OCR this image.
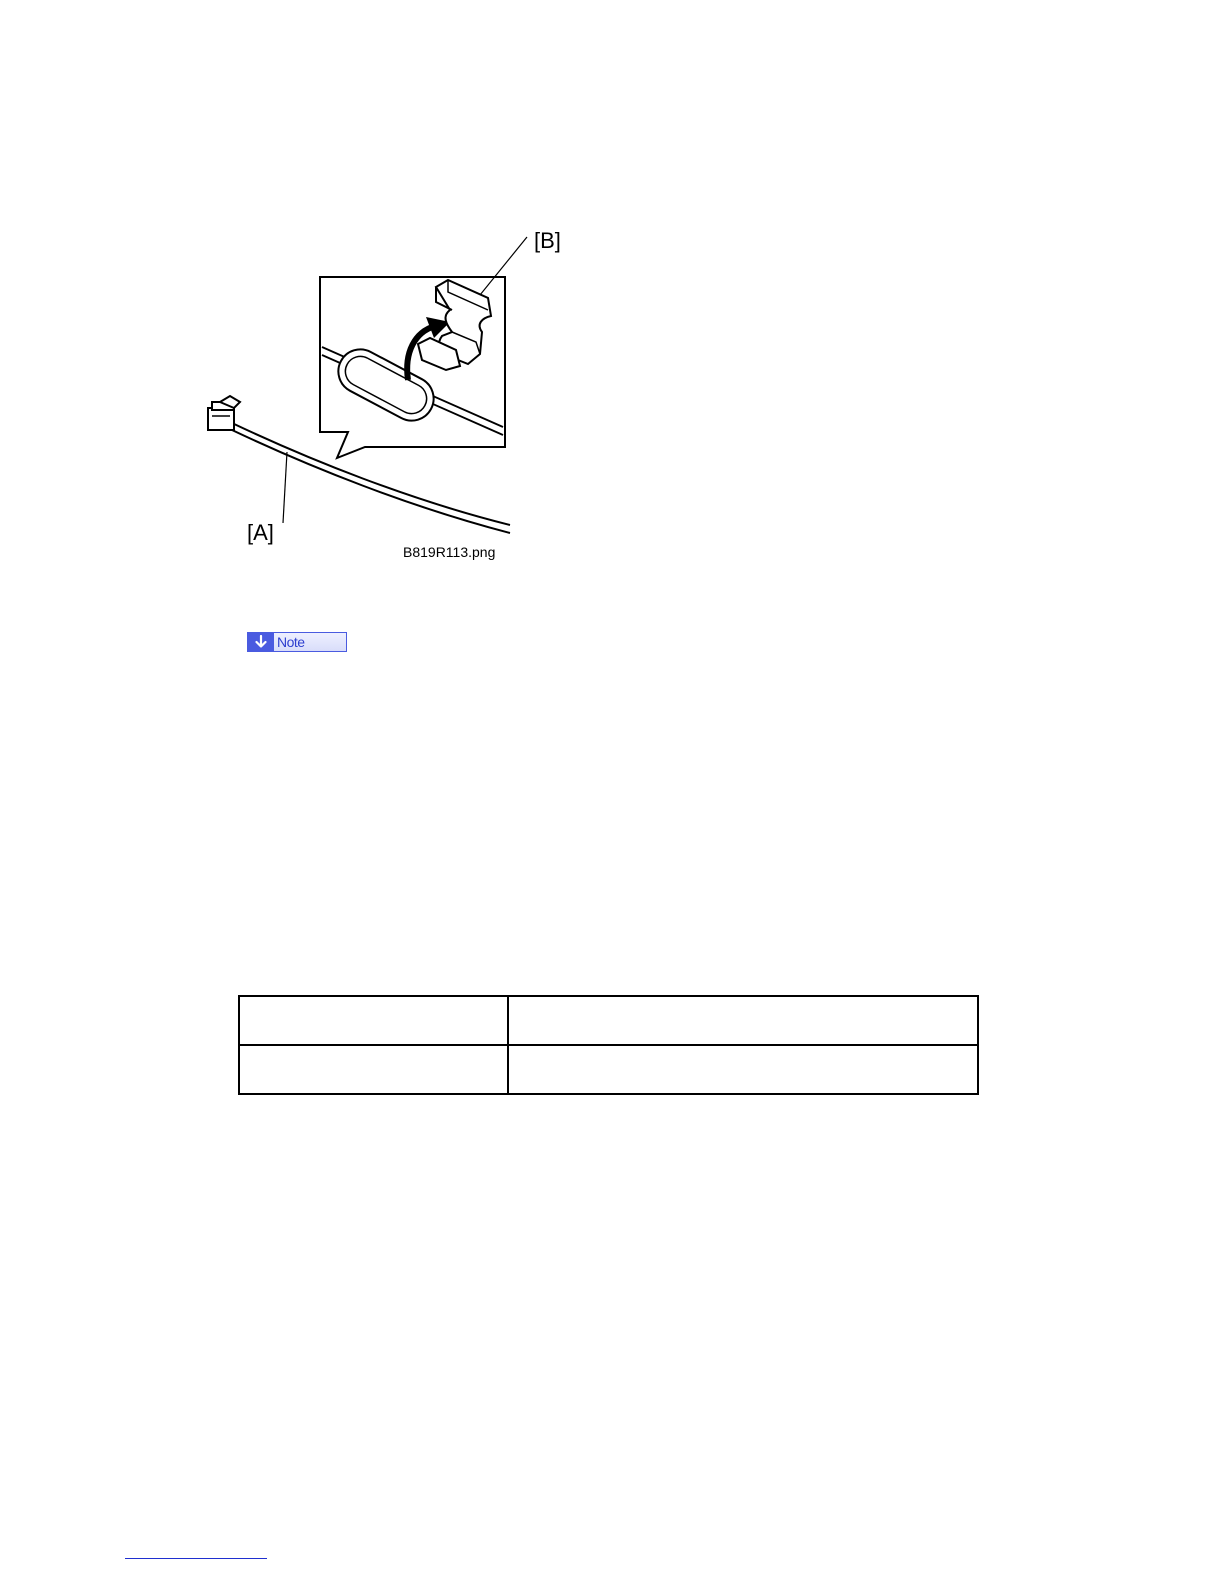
[A]
[B]
B819R113.png
Note
